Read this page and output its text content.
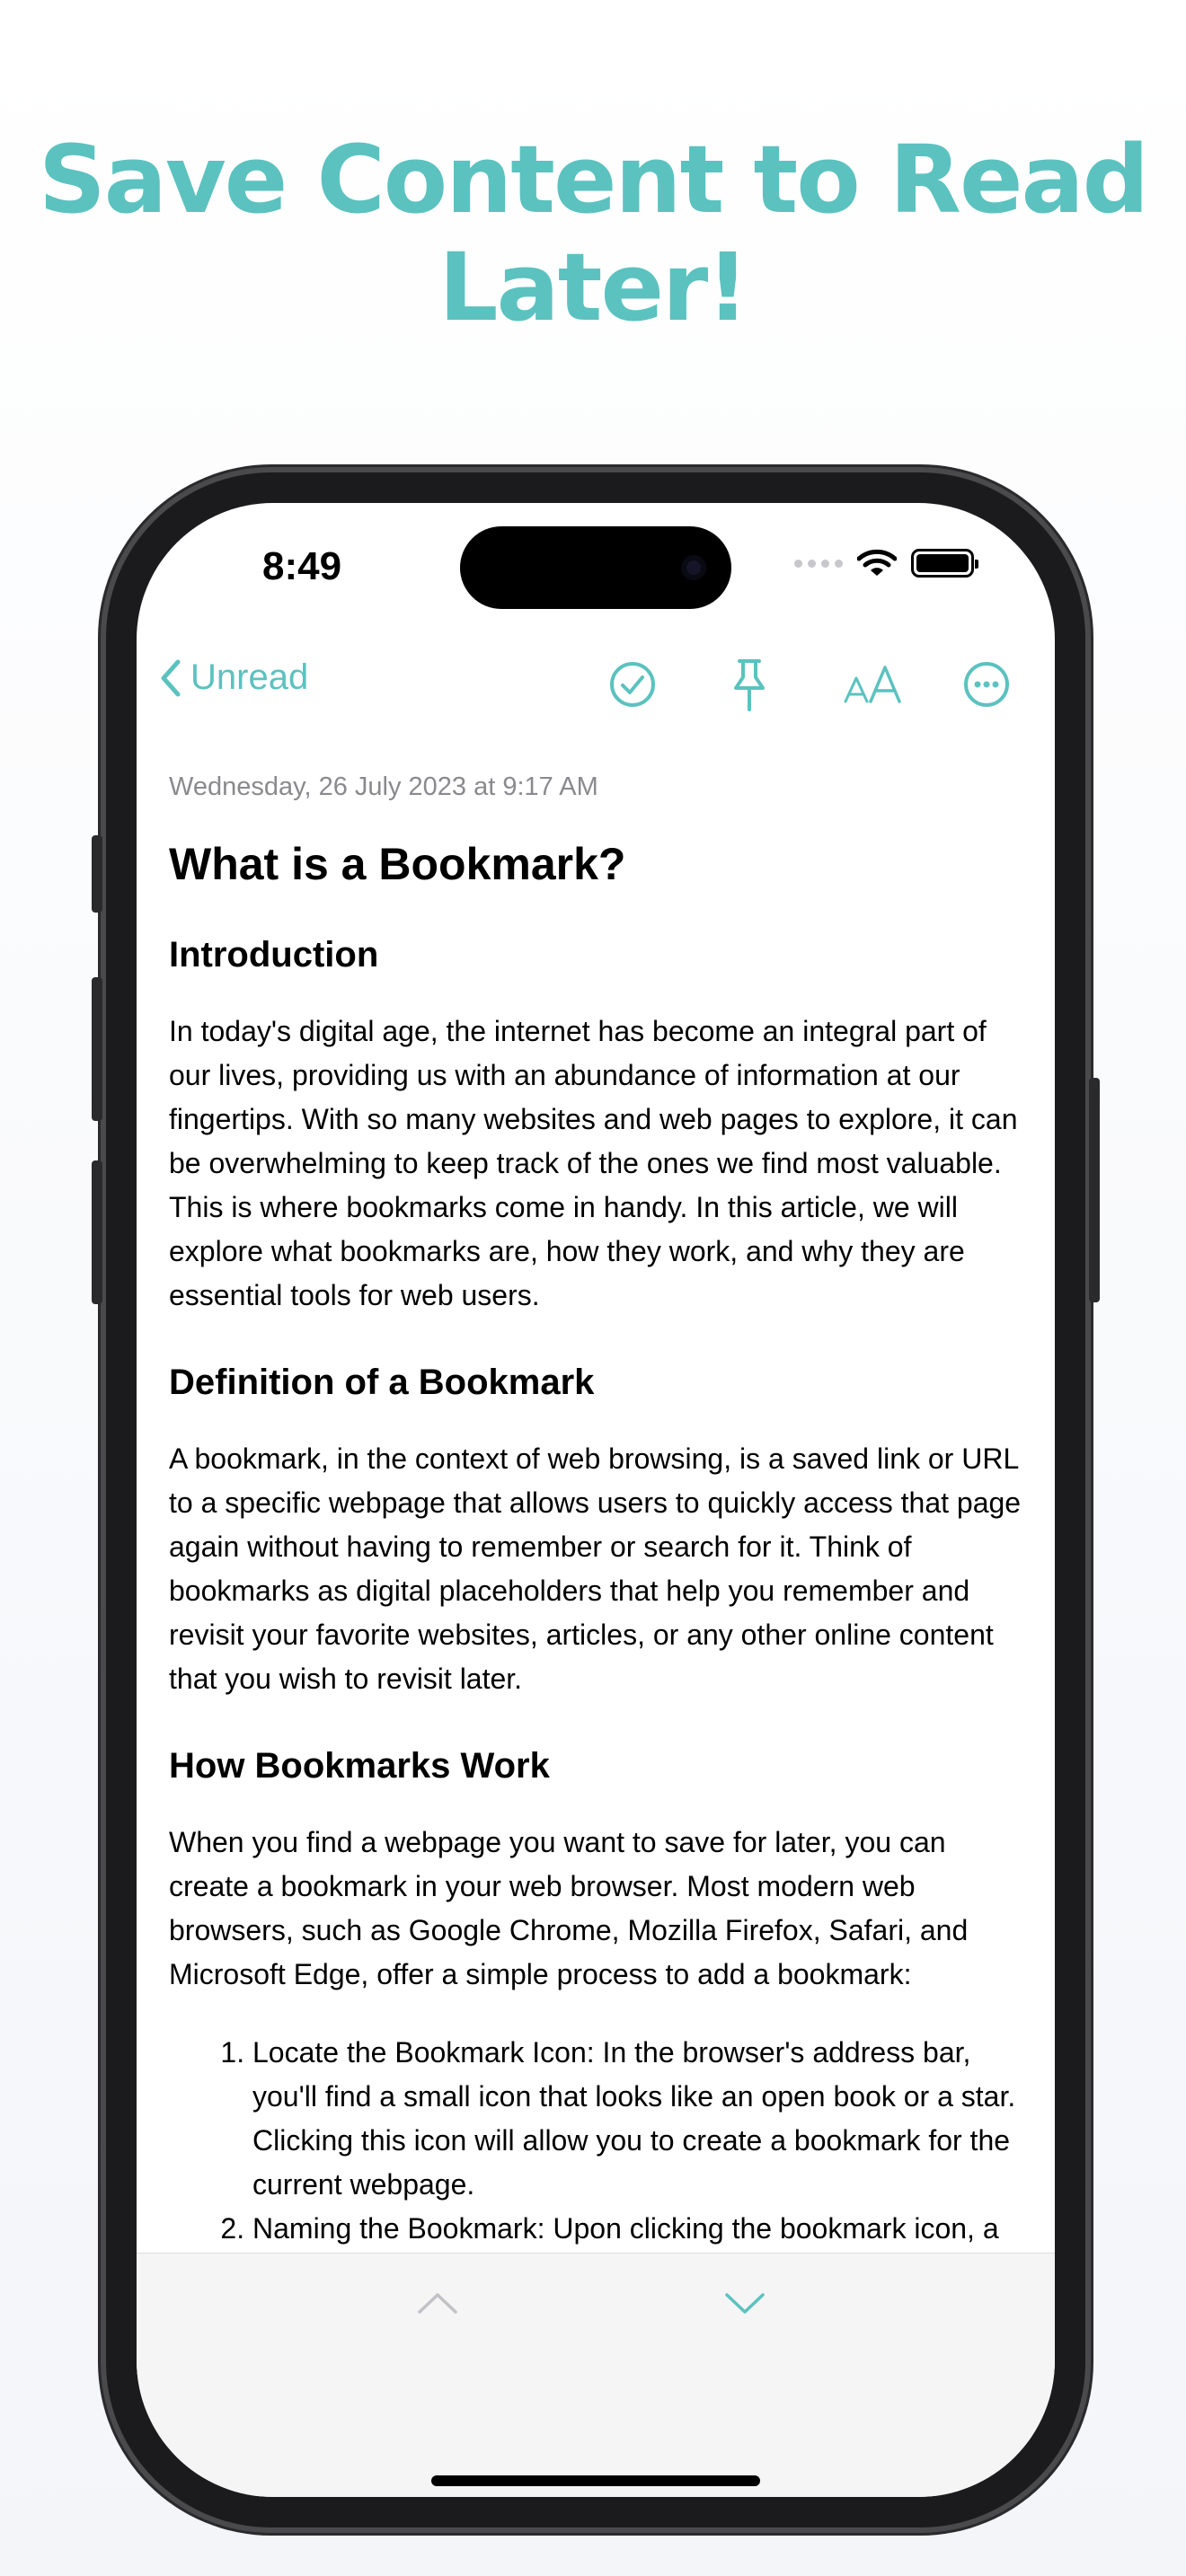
Save Content to Read Later!
8:49
Unread
Wednesday, 26 July 2023 at 9:17 AM
What is a Bookmark?
Introduction
In today's digital age, the internet has become an integral part of our lives, providing us with an abundance of information at our fingertips. With so many websites and web pages to explore, it can be overwhelming to keep track of the ones we find most valuable. This is where bookmarks come in handy. In this article, we will explore what bookmarks are, how they work, and why they are essential tools for web users.
Definition of a Bookmark
A bookmark, in the context of web browsing, is a saved link or URL to a specific webpage that allows users to quickly access that page again without having to remember or search for it. Think of bookmarks as digital placeholders that help you remember and revisit your favorite websites, articles, or any other online content that you wish to revisit later.
How Bookmarks Work
When you find a webpage you want to save for later, you can create a bookmark in your web browser. Most modern web browsers, such as Google Chrome, Mozilla Firefox, Safari, and Microsoft Edge, offer a simple process to add a bookmark:
1. Locate the Bookmark Icon: In the browser's address bar, you'll find a small icon that looks like an open book or a star. Clicking this icon will allow you to create a bookmark for the current webpage.
2. Naming the Bookmark: Upon clicking the bookmark icon, a
